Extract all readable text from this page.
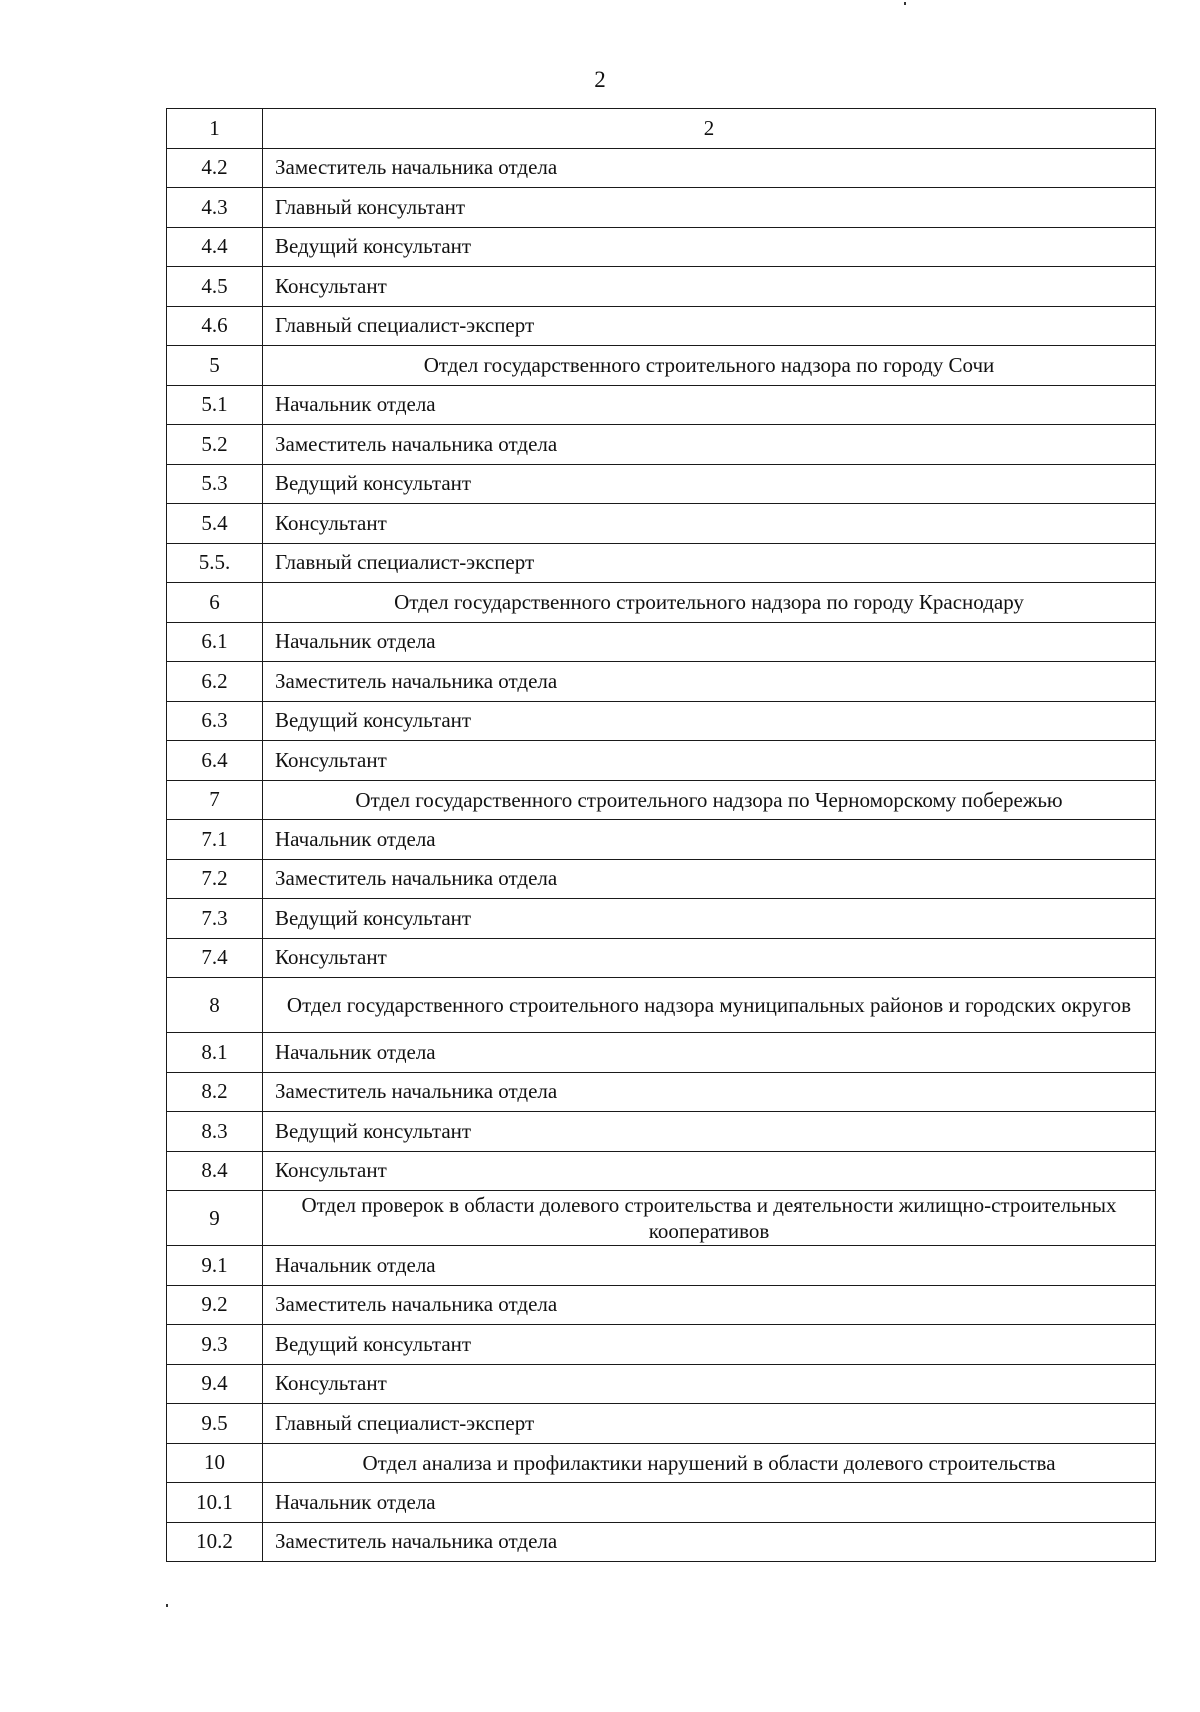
2
1	2
4.2	Заместитель начальника отдела
4.3	Главный консультант
4.4	Ведущий консультант
4.5	Консультант
4.6	Главный специалист-эксперт
5	Отдел государственного строительного надзора по городу Сочи
5.1	Начальник отдела
5.2	Заместитель начальника отдела
5.3	Ведущий консультант
5.4	Консультант
5.5.	Главный специалист-эксперт
6	Отдел государственного строительного надзора по городу Краснодару
6.1	Начальник отдела
6.2	Заместитель начальника отдела
6.3	Ведущий консультант
6.4	Консультант
7	Отдел государственного строительного надзора по Черноморскому побережью
7.1	Начальник отдела
7.2	Заместитель начальника отдела
7.3	Ведущий консультант
7.4	Консультант
8	Отдел государственного строительного надзора муниципальных районов и городских округов
8.1	Начальник отдела
8.2	Заместитель начальника отдела
8.3	Ведущий консультант
8.4	Консультант
9	Отдел проверок в области долевого строительства и деятельности жилищно-строительных кооперативов
9.1	Начальник отдела
9.2	Заместитель начальника отдела
9.3	Ведущий консультант
9.4	Консультант
9.5	Главный специалист-эксперт
10	Отдел анализа и профилактики нарушений в области долевого строительства
10.1	Начальник отдела
10.2	Заместитель начальника отдела
